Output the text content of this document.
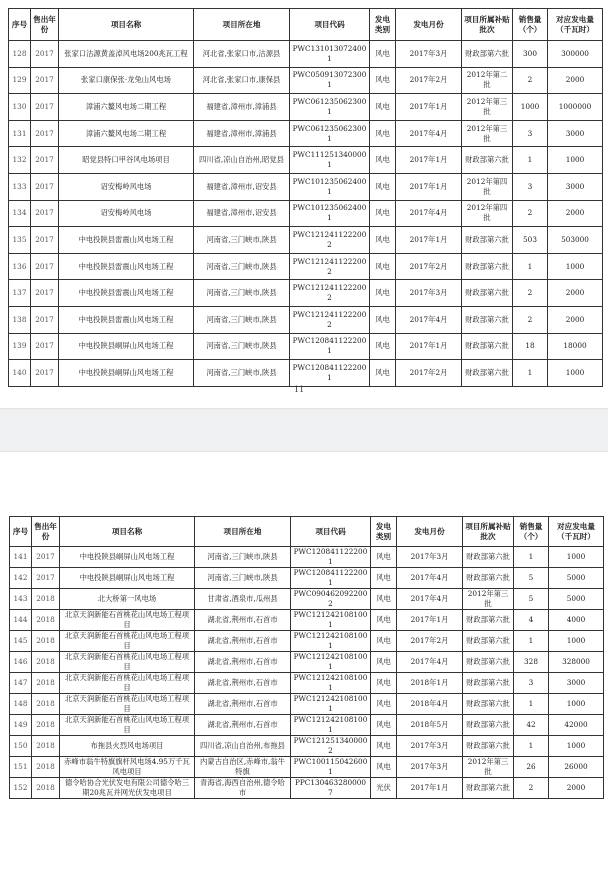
序号	售出年份	项目名称	项目所在地	项目代码	发电类别	发电月份	项目所属补贴批次	销售量（个）	对应发电量（千瓦时）
128	2017	张家口沽源黄盖淖风电场200兆瓦工程	河北省,张家口市,沽源县	PWC1310130724001	风电	2017年3月	财政部第六批	300	300000
129	2017	张家口康保张·龙兔山风电场	河北省,张家口市,康保县	PWC0509130723001	风电	2017年2月	2012年第二批	2	2000
130	2017	漳浦六鳌风电场二期工程	福建省,漳州市,漳浦县	PWC0612350623001	风电	2017年1月	2012年第三批	1000	1000000
131	2017	漳浦六鳌风电场二期工程	福建省,漳州市,漳浦县	PWC0612350623001	风电	2017年4月	2012年第三批	3	3000
132	2017	昭觉县特口甲谷风电场项目	四川省,凉山自治州,昭觉县	PWC1112513400001	风电	2017年1月	财政部第六批	1	1000
133	2017	诏安梅岭风电场	福建省,漳州市,诏安县	PWC1012350624001	风电	2017年1月	2012年第四批	3	3000
134	2017	诏安梅岭风电场	福建省,漳州市,诏安县	PWC1012350624001	风电	2017年4月	2012年第四批	2	2000
135	2017	中电投陕县雷震山风电场工程	河南省,三门峡市,陕县	PWC1212411222002	风电	2017年1月	财政部第六批	503	503000
136	2017	中电投陕县雷震山风电场工程	河南省,三门峡市,陕县	PWC1212411222002	风电	2017年2月	财政部第六批	1	1000
137	2017	中电投陕县雷震山风电场工程	河南省,三门峡市,陕县	PWC1212411222002	风电	2017年3月	财政部第六批	2	2000
138	2017	中电投陕县雷震山风电场工程	河南省,三门峡市,陕县	PWC1212411222002	风电	2017年4月	财政部第六批	2	2000
139	2017	中电投陕县峒屏山风电场工程	河南省,三门峡市,陕县	PWC1208411222001	风电	2017年1月	财政部第六批	18	18000
140	2017	中电投陕县峒屏山风电场工程	河南省,三门峡市,陕县	PWC1208411222001	风电	2017年2月	财政部第六批	1	1000
11
序号	售出年份	项目名称	项目所在地	项目代码	发电类别	发电月份	项目所属补贴批次	销售量（个）	对应发电量（千瓦时）
141	2017	中电投陕县峒屏山风电场工程	河南省,三门峡市,陕县	PWC1208411222001	风电	2017年3月	财政部第六批	1	1000
142	2017	中电投陕县峒屏山风电场工程	河南省,三门峡市,陕县	PWC1208411222001	风电	2017年4月	财政部第六批	5	5000
143	2018	北大桥第一风电场	甘肃省,酒泉市,瓜州县	PWC0904620922002	风电	2017年4月	2012年第三批	5	5000
144	2018	北京天润新能石首桃花山风电场工程项目	湖北省,荆州市,石首市	PWC1212421081001	风电	2017年1月	财政部第六批	4	4000
145	2018	北京天润新能石首桃花山风电场工程项目	湖北省,荆州市,石首市	PWC1212421081001	风电	2017年2月	财政部第六批	1	1000
146	2018	北京天润新能石首桃花山风电场工程项目	湖北省,荆州市,石首市	PWC1212421081001	风电	2017年4月	财政部第六批	328	328000
147	2018	北京天润新能石首桃花山风电场工程项目	湖北省,荆州市,石首市	PWC1212421081001	风电	2018年1月	财政部第六批	3	3000
148	2018	北京天润新能石首桃花山风电场工程项目	湖北省,荆州市,石首市	PWC1212421081001	风电	2018年4月	财政部第六批	1	1000
149	2018	北京天润新能石首桃花山风电场工程项目	湖北省,荆州市,石首市	PWC1212421081001	风电	2018年5月	财政部第六批	42	42000
150	2018	布拖县火烈风电场项目	四川省,凉山自治州,布拖县	PWC1212513400002	风电	2017年3月	财政部第六批	1	1000
151	2018	赤峰市翁牛特旗旗杆风电场4.95万千瓦风电项目	内蒙古自治区,赤峰市,翁牛特旗	PWC1001150426001	风电	2017年3月	2012年第三批	26	26000
152	2018	德令哈协合光伏发电有限公司德令哈三期20兆瓦并网光伏发电项目	青海省,海西自治州,德令哈市	PPC1304632800007	光伏	2017年1月	财政部第六批	2	2000
